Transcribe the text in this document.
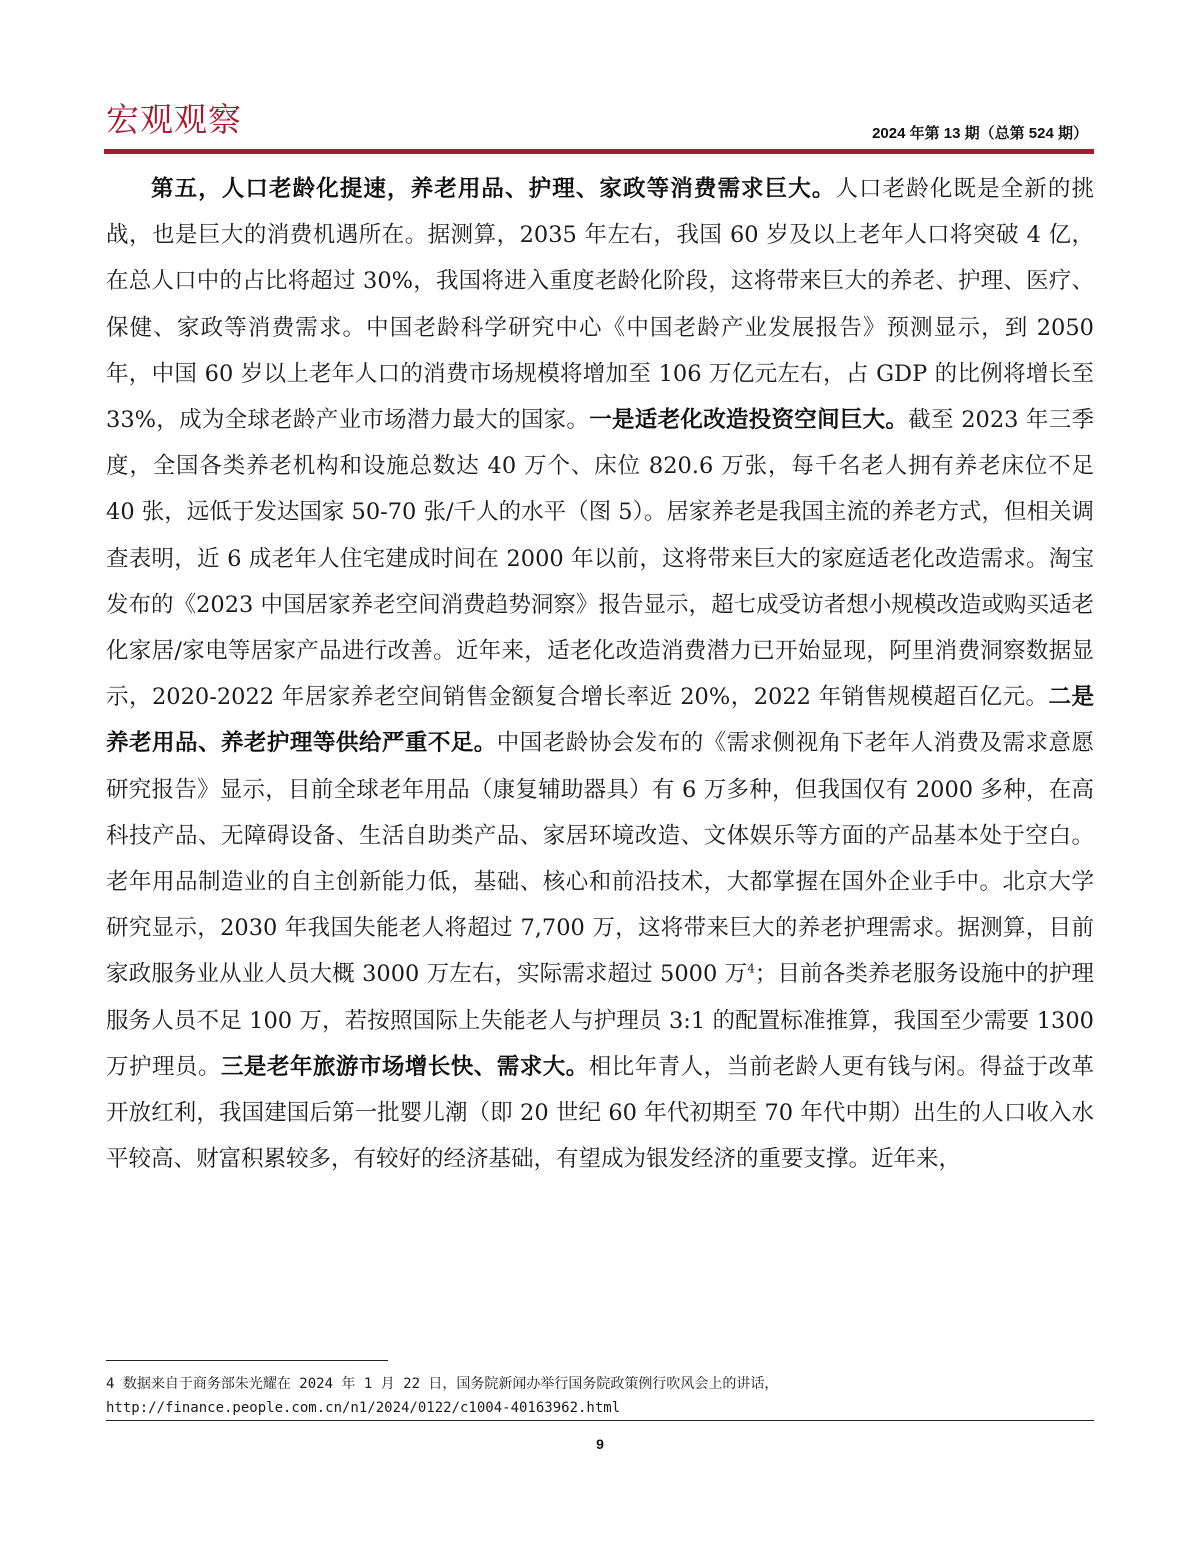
宏观观察	2024 年第 13 期（总第 524 期）

第五，人口老龄化提速，养老用品、护理、家政等消费需求巨大。人口老龄化既是全新的挑战，也是巨大的消费机遇所在。据测算，2035 年左右，我国 60 岁及以上老年人口将突破 4 亿，在总人口中的占比将超过 30%，我国将进入重度老龄化阶段，这将带来巨大的养老、护理、医疗、保健、家政等消费需求。中国老龄科学研究中心《中国老龄产业发展报告》预测显示，到 2050 年，中国 60 岁以上老年人口的消费市场规模将增加至 106 万亿元左右，占 GDP 的比例将增长至 33%，成为全球老龄产业市场潜力最大的国家。一是适老化改造投资空间巨大。截至 2023 年三季度，全国各类养老机构和设施总数达 40 万个、床位 820.6 万张，每千名老人拥有养老床位不足 40 张，远低于发达国家 50-70 张/千人的水平（图 5）。居家养老是我国主流的养老方式，但相关调查表明，近 6 成老年人住宅建成时间在 2000 年以前，这将带来巨大的家庭适老化改造需求。淘宝发布的《2023 中国居家养老空间消费趋势洞察》报告显示，超七成受访者想小规模改造或购买适老化家居/家电等居家产品进行改善。近年来，适老化改造消费潜力已开始显现，阿里消费洞察数据显示，2020-2022 年居家养老空间销售金额复合增长率近 20%，2022 年销售规模超百亿元。二是养老用品、养老护理等供给严重不足。中国老龄协会发布的《需求侧视角下老年人消费及需求意愿研究报告》显示，目前全球老年用品（康复辅助器具）有 6 万多种，但我国仅有 2000 多种，在高科技产品、无障碍设备、生活自助类产品、家居环境改造、文体娱乐等方面的产品基本处于空白。老年用品制造业的自主创新能力低，基础、核心和前沿技术，大都掌握在国外企业手中。北京大学研究显示，2030 年我国失能老人将超过 7,700 万，这将带来巨大的养老护理需求。据测算，目前家政服务业从业人员大概 3000 万左右，实际需求超过 5000 万$^4$；目前各类养老服务设施中的护理服务人员不足 100 万，若按照国际上失能老人与护理员 3:1 的配置标准推算，我国至少需要 1300 万护理员。三是老年旅游市场增长快、需求大。相比年青人，当前老龄人更有钱与闲。得益于改革开放红利，我国建国后第一批婴儿潮（即 20 世纪 60 年代初期至 70 年代中期）出生的人口收入水平较高、财富积累较多，有较好的经济基础，有望成为银发经济的重要支撑。近年来，

4 数据来自于商务部朱光耀在 2024 年 1 月 22 日，国务院新闻办举行国务院政策例行吹风会上的讲话，
http://finance.people.com.cn/n1/2024/0122/c1004-40163962.html
9
